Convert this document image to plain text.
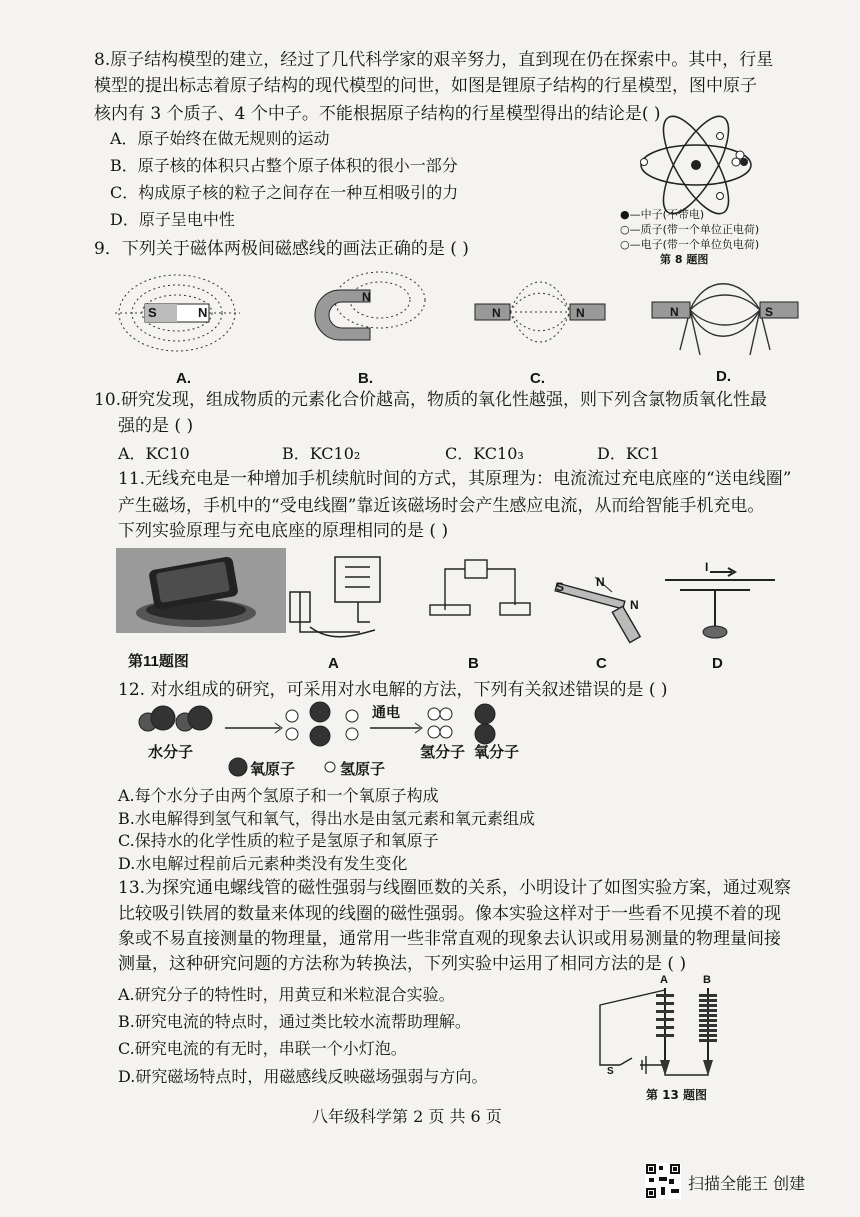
8.原子结构模型的建立，经过了几代科学家的艰辛努力，直到现在仍在探索中。其中，行星
模型的提出标志着原子结构的现代模型的问世，如图是锂原子结构的行星模型，图中原子
核内有 3 个质子、4 个中子。不能根据原子结构的行星模型得出的结论是( )
A．原子始终在做无规则的运动
B．原子核的体积只占整个原子体积的很小一部分
C．构成原子核的粒子之间存在一种互相吸引的力
D．原子呈电中性	●—中子(不带电)
○—质子(带一个单位正电荷)
○—电子(带一个单位负电荷)
第 8 题图
9．下列关于磁体两极间磁感线的画法正确的是 ( )
S	N
N
N	N	N	S
A.	B.	C.	D.
10.研究发现，组成物质的元素化合价越高，物质的氧化性越强，则下列含氯物质氧化性最
强的是 ( )
A．KC10	B．KC10₂	C．KC10₃	D．KC1
11.无线充电是一种增加手机续航时间的方式，其原理为：电流流过充电底座的“送电线圈”
产生磁场，手机中的“受电线圈”靠近该磁场时会产生感应电流，从而给智能手机充电。
下列实验原理与充电底座的原理相同的是 ( )
第11题图	A	B
S	N
N
C
I
D
12. 对水组成的研究，可采用对水电解的方法，下列有关叙述错误的是 ( )
通电
水分子
氧原子	氢原子
氢分子 氧分子
A.每个水分子由两个氢原子和一个氧原子构成
B.水电解得到氢气和氧气，得出水是由氢元素和氧元素组成
C.保持水的化学性质的粒子是氢原子和氧原子
D.水电解过程前后元素种类没有发生变化
13.为探究通电螺线管的磁性强弱与线圈匝数的关系，小明设计了如图实验方案，通过观察
比较吸引铁屑的数量来体现的线圈的磁性强弱。像本实验这样对于一些看不见摸不着的现
象或不易直接测量的物理量，通常用一些非常直观的现象去认识或用易测量的物理量间接
测量，这种研究问题的方法称为转换法，下列实验中运用了相同方法的是 ( )
A.研究分子的特性时，用黄豆和米粒混合实验。
B.研究电流的特点时，通过类比较水流帮助理解。
C.研究电流的有无时，串联一个小灯泡。
D.研究磁场特点时，用磁感线反映磁场强弱与方向。
A	B
S
第 13 题图
八年级科学第 2 页 共 6 页
扫描全能王 创建
